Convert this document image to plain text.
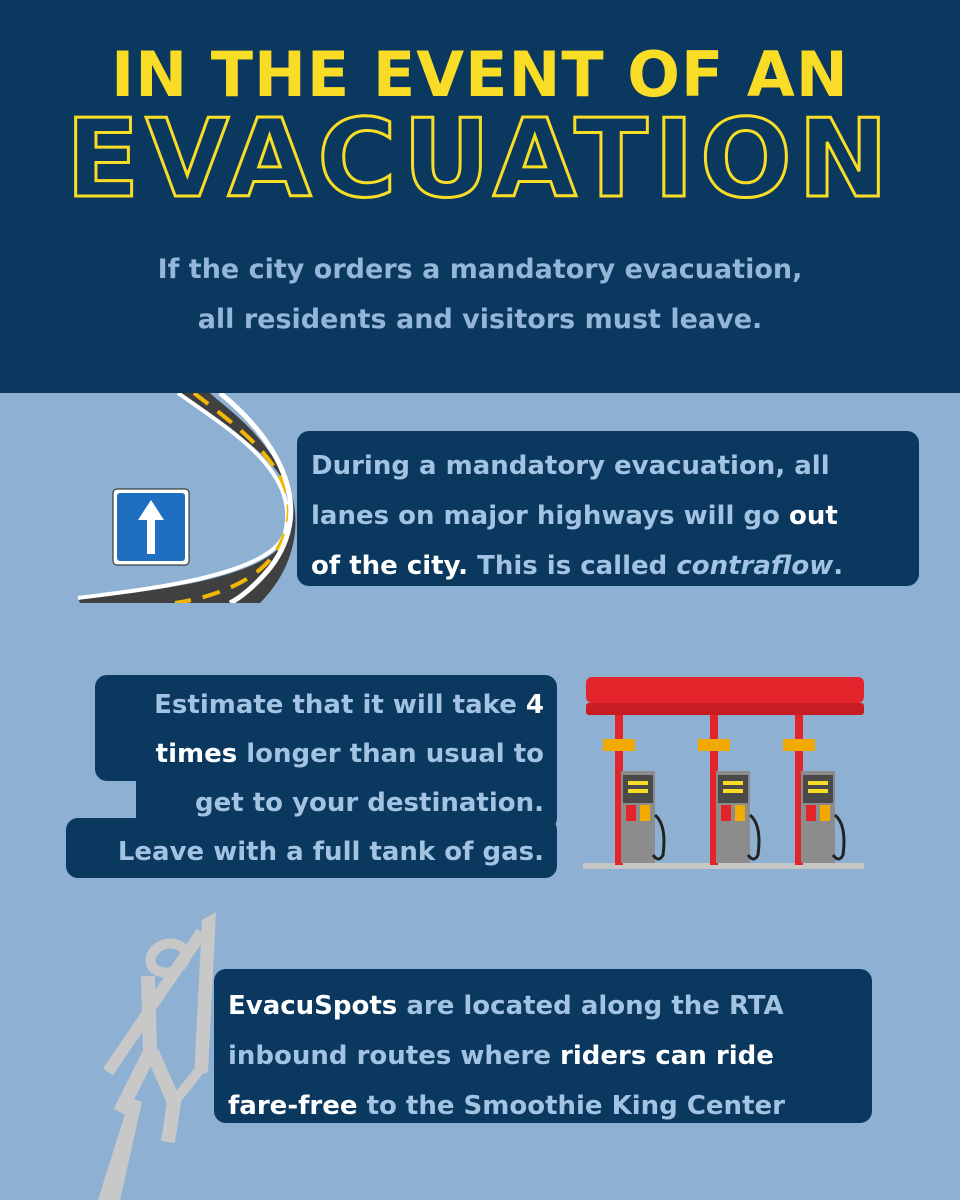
IN THE EVENT OF AN
EVACUATION
If the city orders a mandatory evacuation,
all residents and visitors must leave.
During a mandatory evacuation, all
lanes on major highways will go out
of the city. This is called contraflow.
Estimate that it will take 4
times longer than usual to
get to your destination.
Leave with a full tank of gas.
EvacuSpots are located along the RTA
inbound routes where riders can ride
fare-free to the Smoothie King Center
